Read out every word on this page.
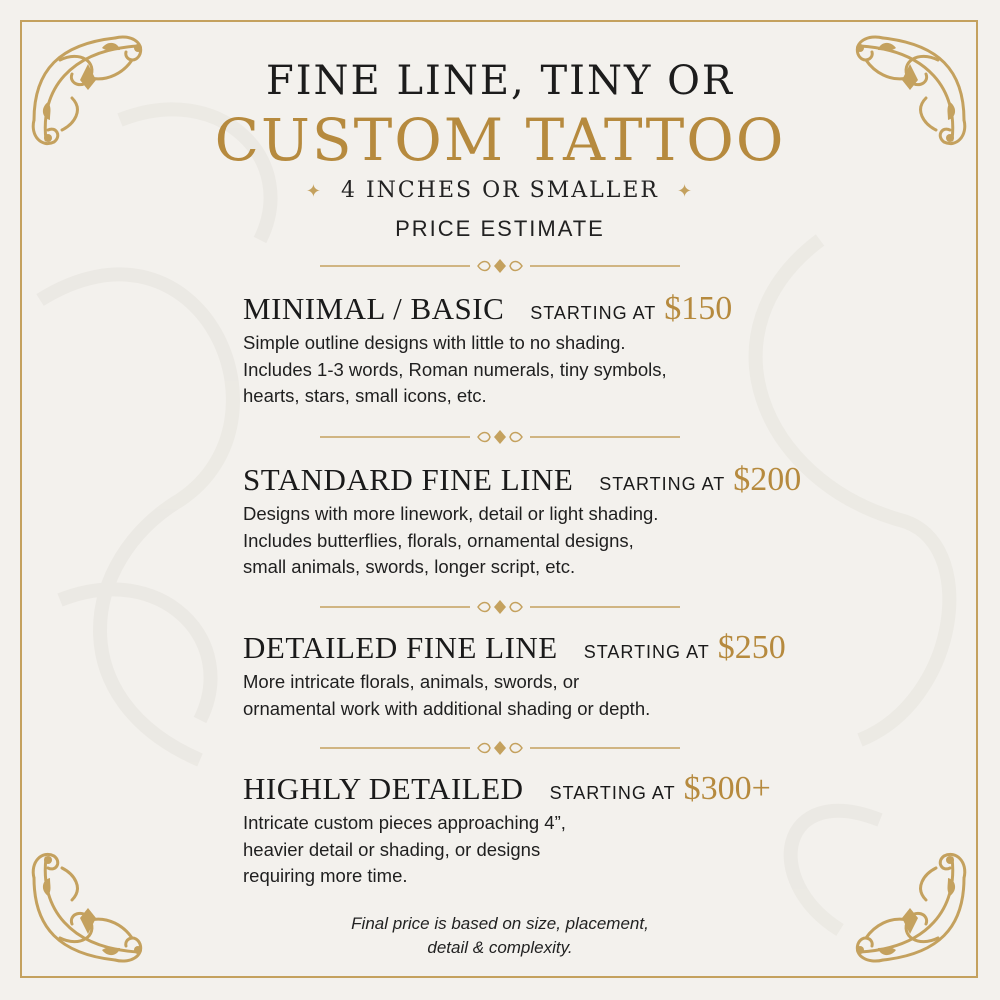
FINE LINE, TINY OR
CUSTOM TATTOO
✦ 4 INCHES OR SMALLER ✦
PRICE ESTIMATE
MINIMAL / BASIC STARTING AT $150
Simple outline designs with little to no shading.
Includes 1-3 words, Roman numerals, tiny symbols,
hearts, stars, small icons, etc.
STANDARD FINE LINE STARTING AT $200
Designs with more linework, detail or light shading.
Includes butterflies, florals, ornamental designs,
small animals, swords, longer script, etc.
DETAILED FINE LINE STARTING AT $250
More intricate florals, animals, swords, or
ornamental work with additional shading or depth.
HIGHLY DETAILED STARTING AT $300+
Intricate custom pieces approaching 4”,
heavier detail or shading, or designs
requiring more time.
Final price is based on size, placement,
detail & complexity.
